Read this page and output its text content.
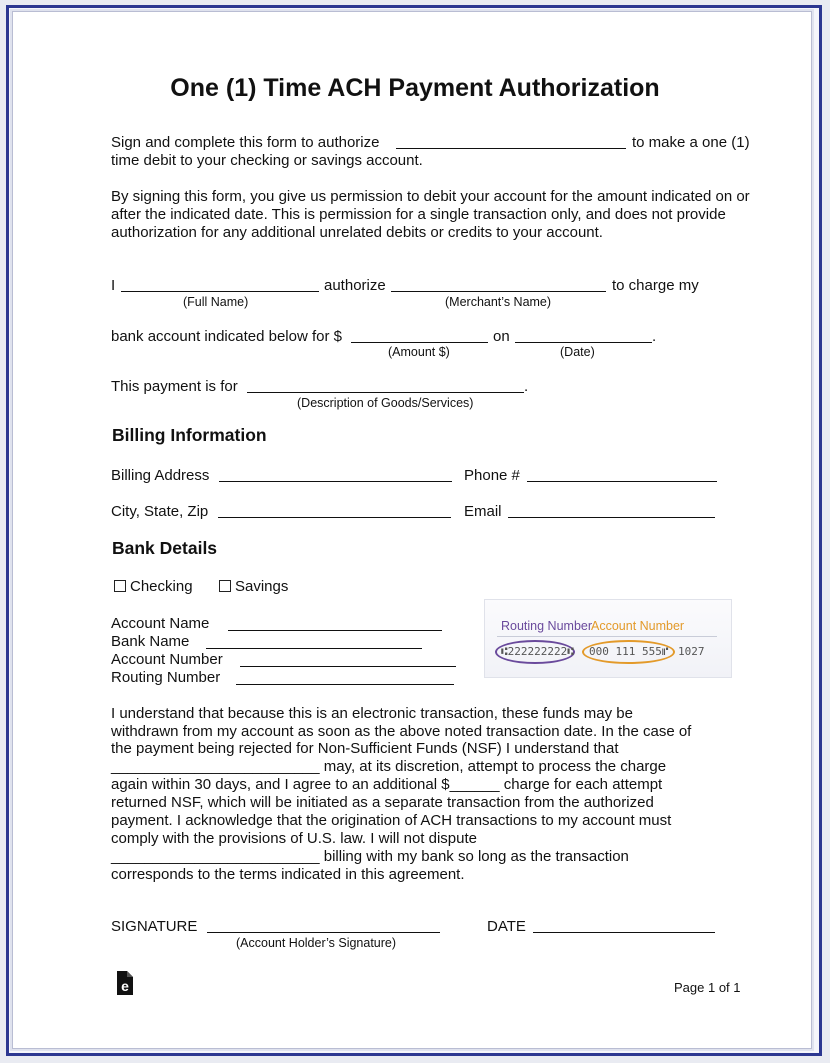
One (1) Time ACH Payment Authorization
Sign and complete this form to authorize	to make a one (1)
time debit to your checking or savings account.
By signing this form, you give us permission to debit your account for the amount indicated on or after the indicated date. This is permission for a single transaction only, and does not provide authorization for any additional unrelated debits or credits to your account.
I	authorize	to charge my
(Full Name)	(Merchant’s Name)
bank account indicated below for $	on	.
(Amount $)	(Date)
This payment is for	.
(Description of Goods/Services)
Billing Information
Billing Address	Phone #
City, State, Zip	Email
Bank Details
Checking	Savings
Account Name
Bank Name
Account Number
Routing Number
Routing Number
Account Number
⑆222222222⑆ 000 111 555⑈ 1027
I understand that because this is an electronic transaction, these funds may be
withdrawn from my account as soon as the above noted transaction date. In the case of
the payment being rejected for Non-Sufficient Funds (NSF) I understand that
_________________________ may, at its discretion, attempt to process the charge
again within 30 days, and I agree to an additional $______ charge for each attempt
returned NSF, which will be initiated as a separate transaction from the authorized
payment. I acknowledge that the origination of ACH transactions to my account must
comply with the provisions of U.S. law. I will not dispute
_________________________ billing with my bank so long as the transaction
corresponds to the terms indicated in this agreement.
SIGNATURE
(Account Holder’s Signature)
DATE
e	Page 1 of 1
